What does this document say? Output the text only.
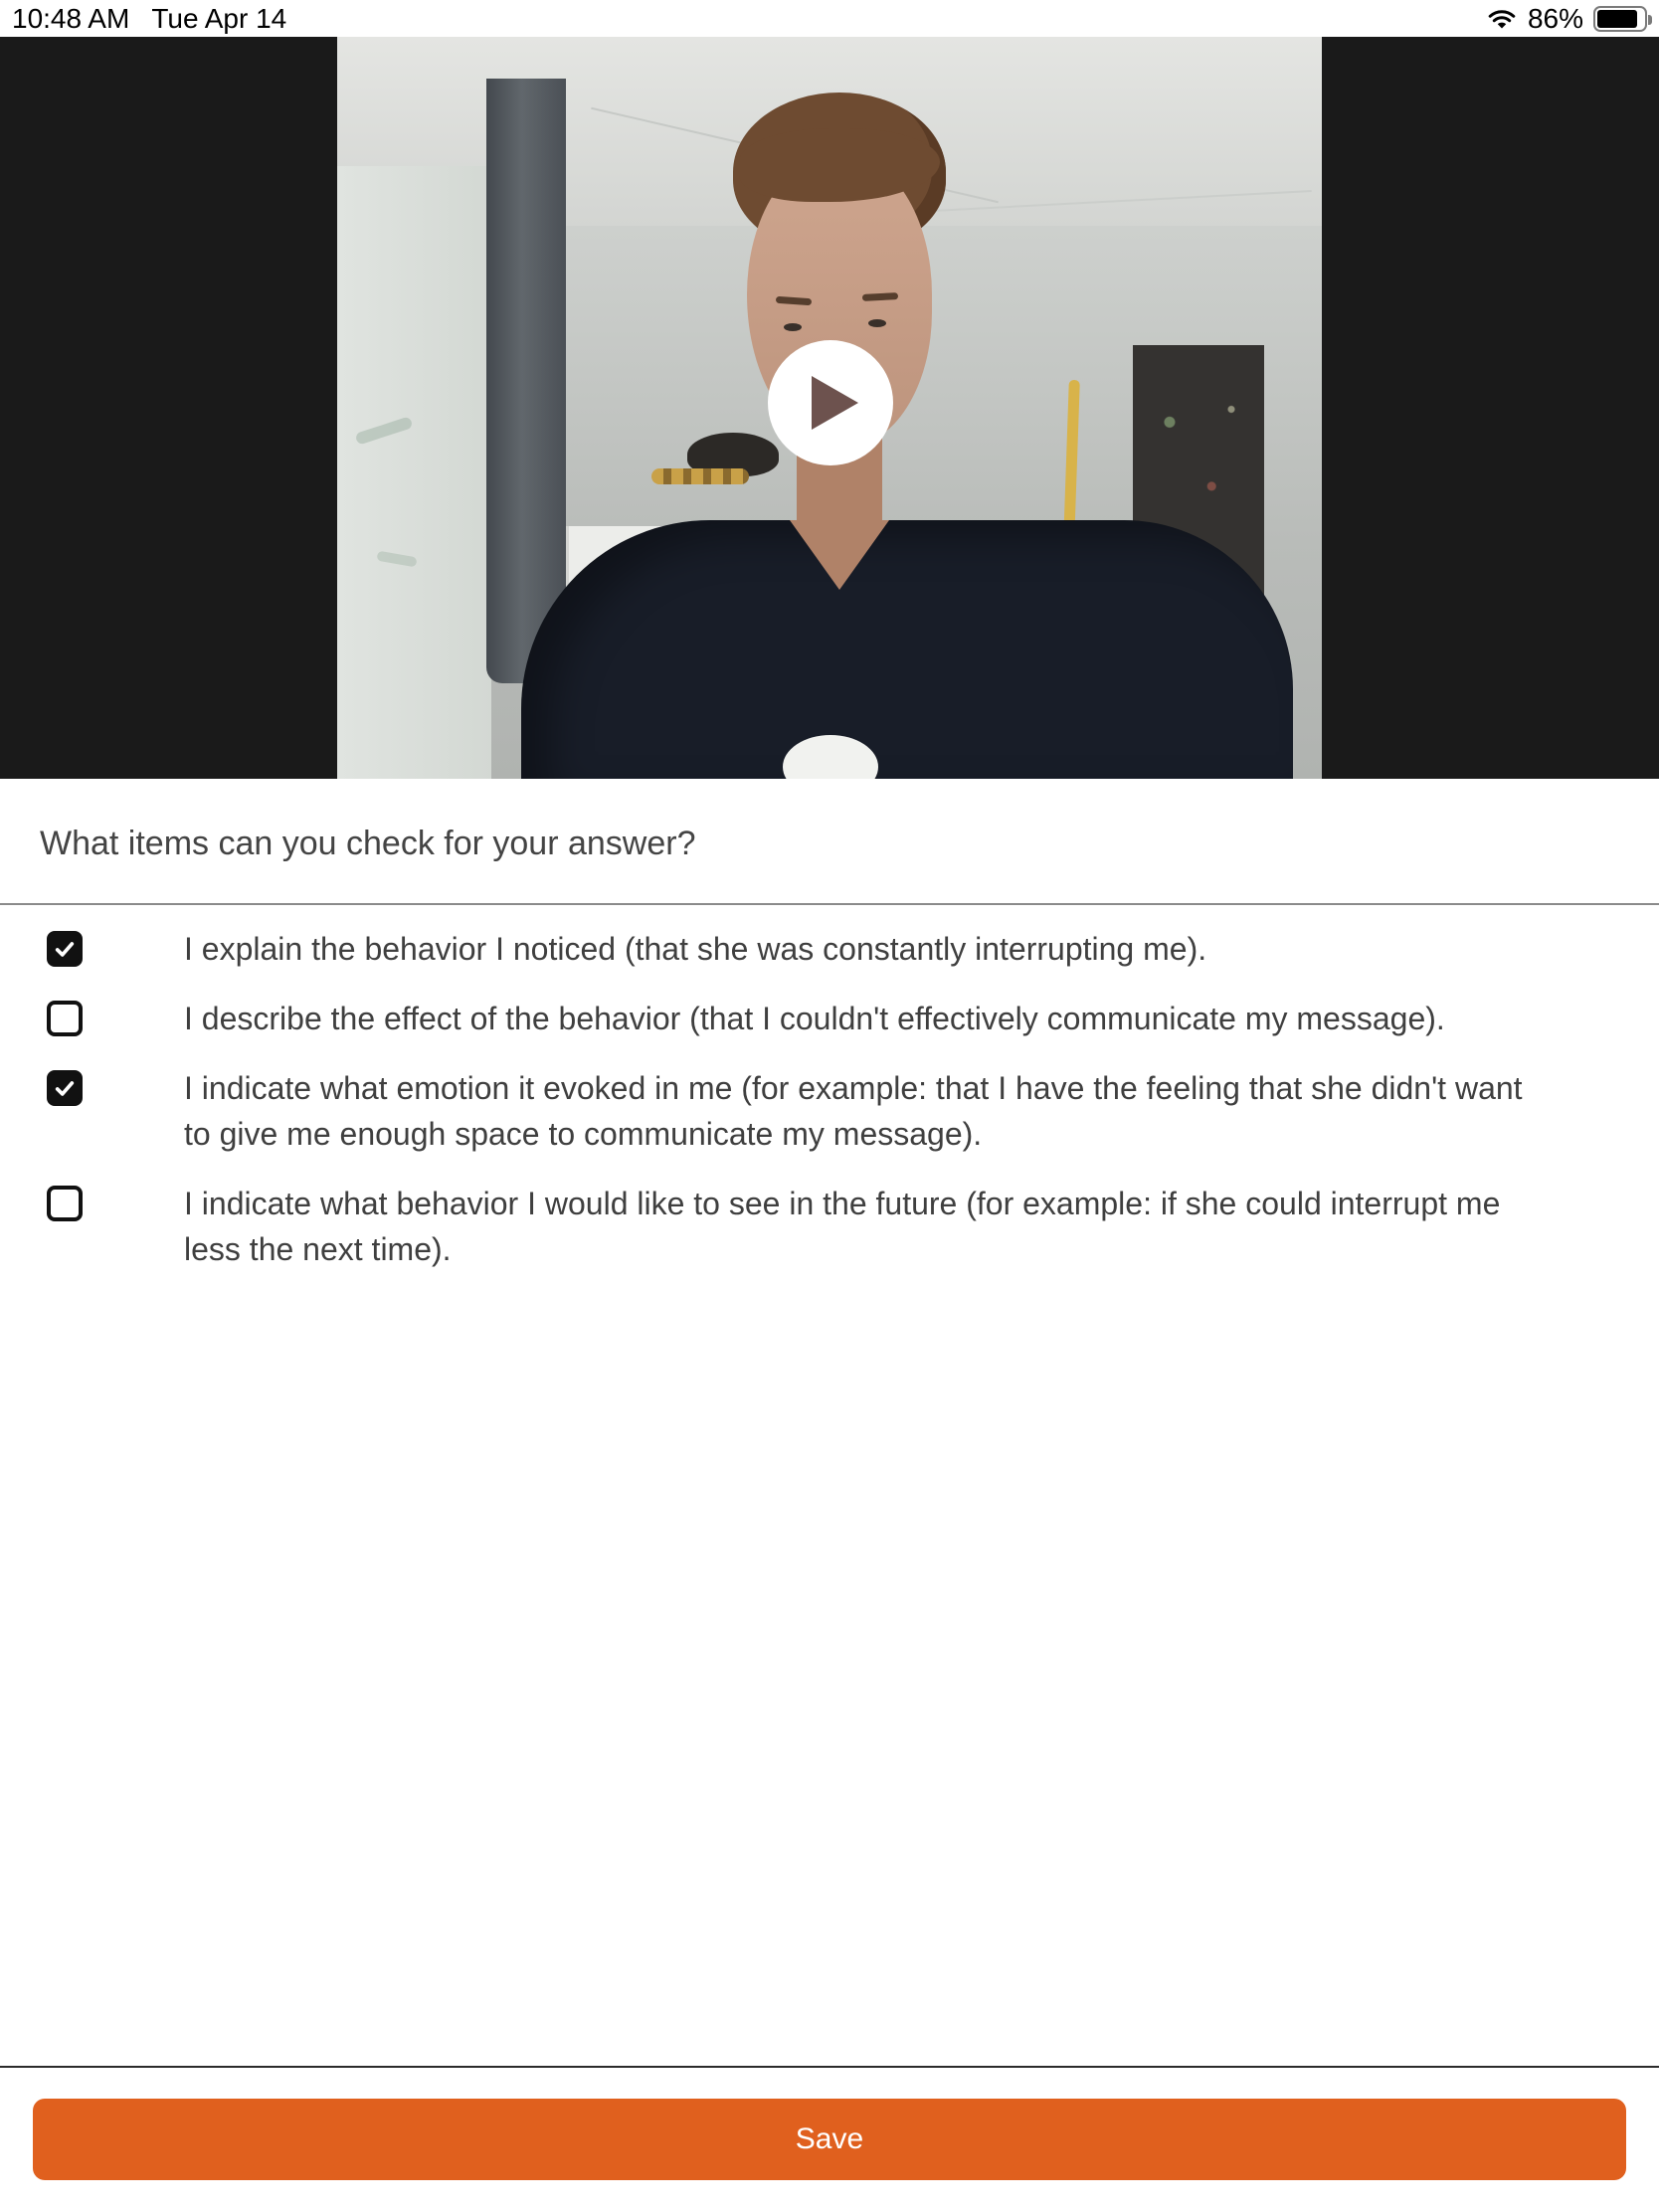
10:48 AM Tue Apr 14	86%
What items can you check for your answer?
I explain the behavior I noticed (that she was constantly interrupting me).
I describe the effect of the behavior (that I couldn't effectively communicate my message).
I indicate what emotion it evoked in me (for example: that I have the feeling that she didn't want to give me enough space to communicate my message).
I indicate what behavior I would like to see in the future (for example: if she could interrupt me less the next time).
Save
